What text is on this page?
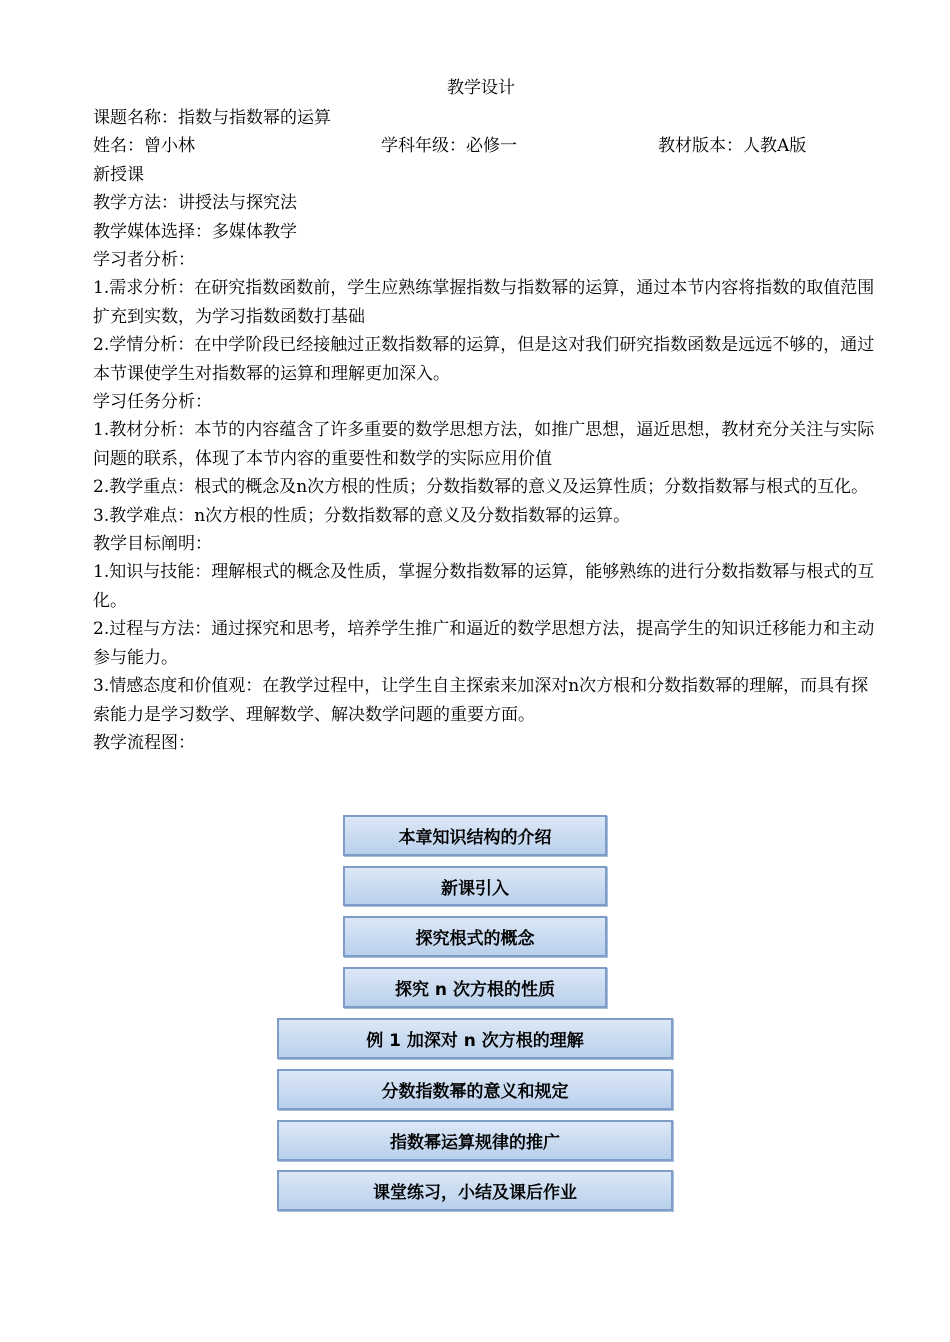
教学设计

课题名称：指数与指数幂的运算

姓名：曾小林	学科年级：必修一	教材版本：人教A版

新授课

教学方法：讲授法与探究法

教学媒体选择：多媒体教学

学习者分析：

1.需求分析：在研究指数函数前，学生应熟练掌握指数与指数幂的运算，通过本节内容将指数的取值范围扩充到实数，为学习指数函数打基础

2.学情分析：在中学阶段已经接触过正数指数幂的运算，但是这对我们研究指数函数是远远不够的，通过本节课使学生对指数幂的运算和理解更加深入。

学习任务分析：

1.教材分析：本节的内容蕴含了许多重要的数学思想方法，如推广思想，逼近思想，教材充分关注与实际问题的联系，体现了本节内容的重要性和数学的实际应用价值

2.教学重点：根式的概念及n次方根的性质；分数指数幂的意义及运算性质；分数指数幂与根式的互化。

3.教学难点：n次方根的性质；分数指数幂的意义及分数指数幂的运算。

教学目标阐明：

1.知识与技能：理解根式的概念及性质，掌握分数指数幂的运算，能够熟练的进行分数指数幂与根式的互化。

2.过程与方法：通过探究和思考，培养学生推广和逼近的数学思想方法，提高学生的知识迁移能力和主动参与能力。

3.情感态度和价值观：在教学过程中，让学生自主探索来加深对n次方根和分数指数幂的理解，而具有探索能力是学习数学、理解数学、解决数学问题的重要方面。

教学流程图：

本章知识结构的介绍
新课引入
探究根式的概念
探究 n 次方根的性质
例 1 加深对 n 次方根的理解
分数指数幂的意义和规定
指数幂运算规律的推广
课堂练习，小结及课后作业
